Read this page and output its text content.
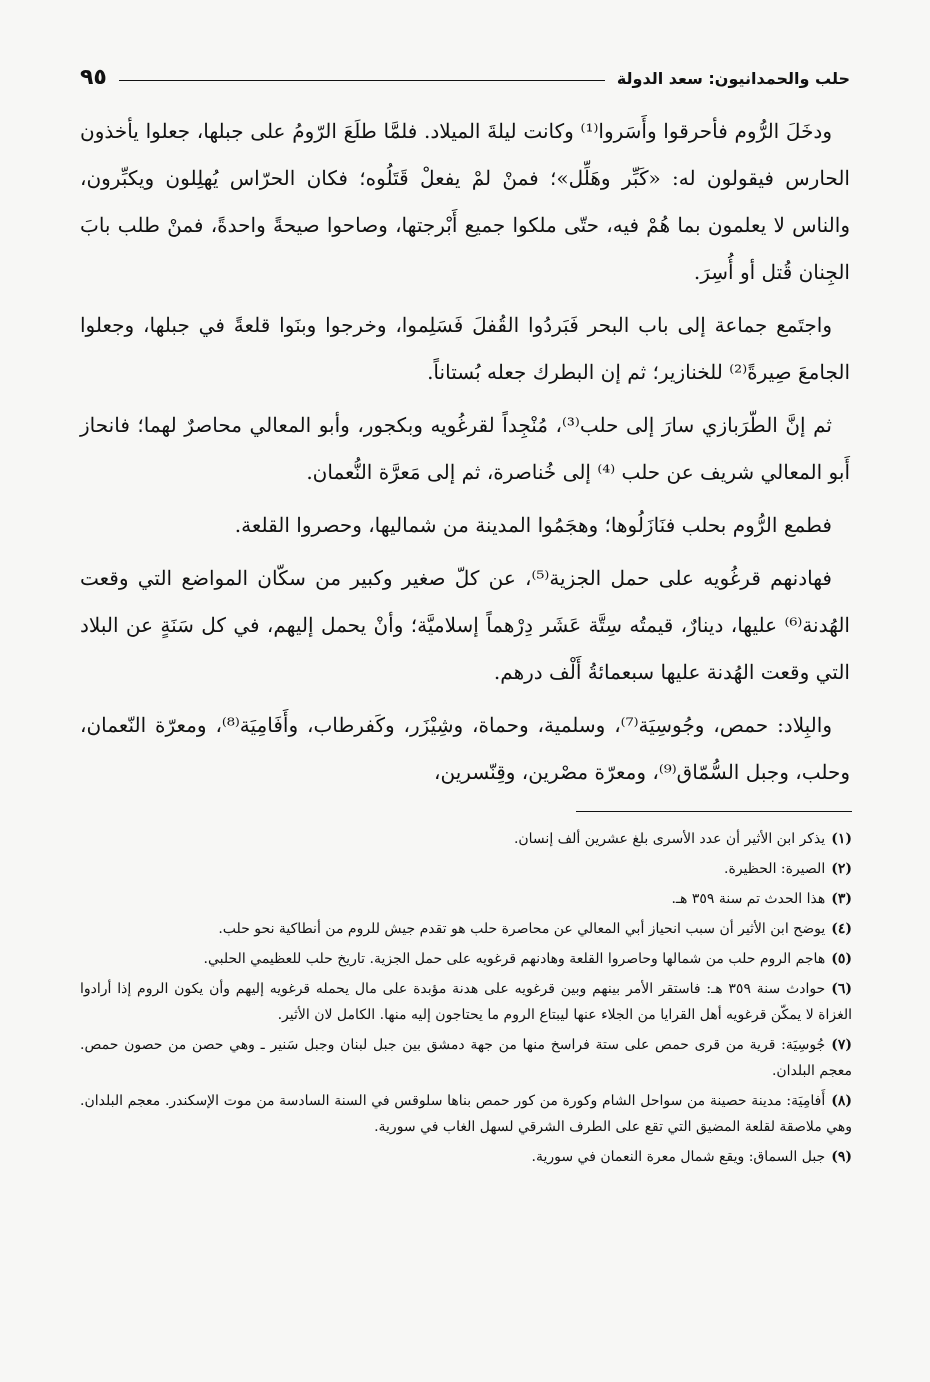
حلب والحمدانيون: سعد الدولة
٩٥

ودخَلَ الرُّوم فأحرقوا وأَسَروا⁽¹⁾ وكانت ليلةَ الميلاد. فلمَّا طلَعَ الرّومُ على جبلها، جعلوا يأخذون الحارس فيقولون له: «كَبِّر وهَلِّل»؛ فمنْ لمْ يفعلْ قَتَلُوه؛ فكان الحرّاس يُهلِلون ويكبِّرون، والناس لا يعلمون بما هُمْ فيه، حتّى ملكوا جميع أَبْرجتها، وصاحوا صيحةً واحدةً، فمنْ طلب بابَ الجِنان قُتل أو أُسِرَ.

واجتَمع جماعة إلى باب البحر فَبَردُوا القُفلَ فَسَلِموا، وخرجوا وبنَوا قلعةً في جبلها، وجعلوا الجامعَ صِيرةً⁽²⁾ للخنازير؛ ثم إن البطرك جعله بُستاناً.

ثم إنَّ الطّرَبازي سارَ إلى حلب⁽³⁾، مُنْجِداً لقرغُويه وبكجور، وأبو المعالي محاصرٌ لهما؛ فانحاز أَبو المعالي شريف عن حلب ⁽⁴⁾ إلى خُناصرة، ثم إلى مَعرَّة النُّعمان.

فطمع الرُّوم بحلب فنَازَلُوها؛ وهجَمُوا المدينة من شماليها، وحصروا القلعة.

فهادنهم قرغُويه على حمل الجزية⁽⁵⁾، عن كلّ صغير وكبير من سكّان المواضع التي وقعت الهُدنة⁽⁶⁾ عليها، دينارٌ، قيمتُه سِتَّة عَشَر دِرْهماً إسلاميَّة؛ وأنْ يحمل إليهم، في كل سَنَةٍ عن البلاد التي وقعت الهُدنة عليها سبعمائةُ أَلْف درهم.

والبِلاد: حمص، وجُوسِيَة⁽⁷⁾، وسلمية، وحماة، وشِيْزَر، وكَفرطاب، وأَفَامِيَة⁽⁸⁾، ومعرّة النّعمان، وحلب، وجبل السُّمّاق⁽⁹⁾، ومعرّة مصْرين، وقِنّسرين،

(١)يذكر ابن الأثير أن عدد الأسرى بلغ عشرين ألف إنسان.
(٢)الصيرة: الحظيرة.
(٣)هذا الحدث تم سنة ٣٥٩ هـ.
(٤)يوضح ابن الأثير أن سبب انحياز أبي المعالي عن محاصرة حلب هو تقدم جيش للروم من أنطاكية نحو حلب.
(٥)هاجم الروم حلب من شمالها وحاصروا القلعة وهادنهم قرغويه على حمل الجزية. تاريخ حلب للعظيمي الحلبي.
(٦)حوادث سنة ٣٥٩ هـ: فاستقر الأمر بينهم وبين قرغويه على هدنة مؤبدة على مال يحمله قرغويه إليهم وأن يكون الروم إذا أرادوا الغزاة لا يمكّن قرغويه أهل القرايا من الجلاء عنها ليبتاع الروم ما يحتاجون إليه منها. الكامل لان الأثير.
(٧)جُوسِيَة: قرية من قرى حمص على ستة فراسخ منها من جهة دمشق بين جبل لبنان وجبل سَنير ـ وهي حصن من حصون حمص. معجم البلدان.
(٨)أَفامِيَة: مدينة حصينة من سواحل الشام وكورة من كور حمص بناها سلوقس في السنة السادسة من موت الإسكندر. معجم البلدان. وهي ملاصقة لقلعة المضيق التي تقع على الطرف الشرقي لسهل الغاب في سورية.
(٩)جبل السماق: ويقع شمال معرة النعمان في سورية.
